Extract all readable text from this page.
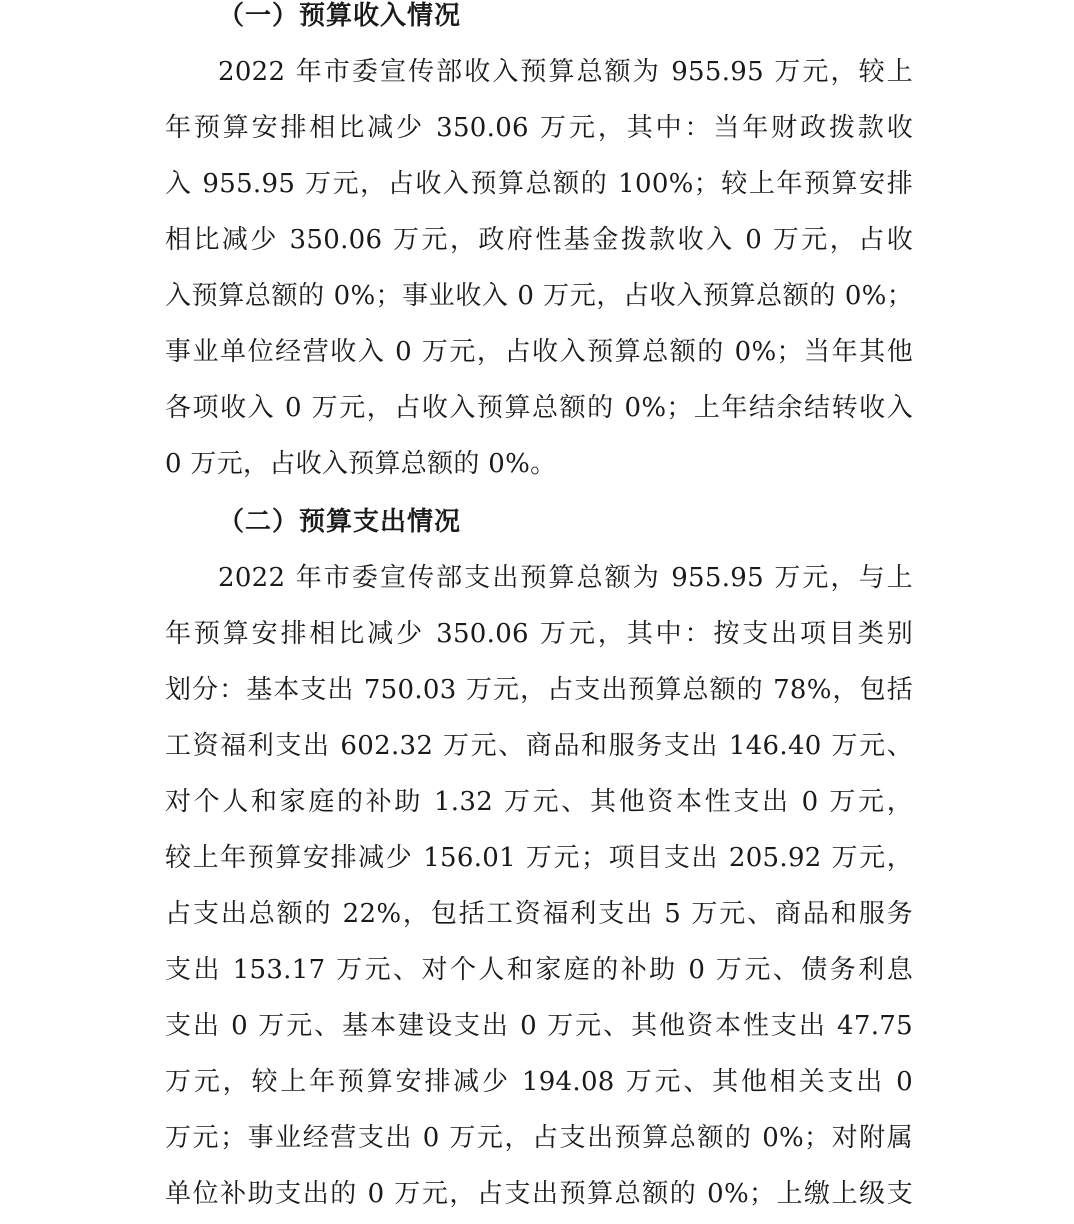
（一）预算收入情况
2022 年市委宣传部收入预算总额为 955.95 万元，较上
年预算安排相比减少 350.06 万元，其中：当年财政拨款收
入 955.95 万元，占收入预算总额的 100%；较上年预算安排
相比减少 350.06 万元，政府性基金拨款收入 0 万元，占收
入预算总额的 0%；事业收入 0 万元，占收入预算总额的 0%；
事业单位经营收入 0 万元，占收入预算总额的 0%；当年其他
各项收入 0 万元，占收入预算总额的 0%；上年结余结转收入
0 万元，占收入预算总额的 0%。
（二）预算支出情况
2022 年市委宣传部支出预算总额为 955.95 万元，与上
年预算安排相比减少 350.06 万元，其中：按支出项目类别
划分：基本支出 750.03 万元，占支出预算总额的 78%，包括
工资福利支出 602.32 万元、商品和服务支出 146.40 万元、
对个人和家庭的补助 1.32 万元、其他资本性支出 0 万元，
较上年预算安排减少 156.01 万元；项目支出 205.92 万元，
占支出总额的 22%，包括工资福利支出 5 万元、商品和服务
支出 153.17 万元、对个人和家庭的补助 0 万元、债务利息
支出 0 万元、基本建设支出 0 万元、其他资本性支出 47.75
万元，较上年预算安排减少 194.08 万元、其他相关支出 0
万元；事业经营支出 0 万元，占支出预算总额的 0%；对附属
单位补助支出的 0 万元，占支出预算总额的 0%；上缴上级支
